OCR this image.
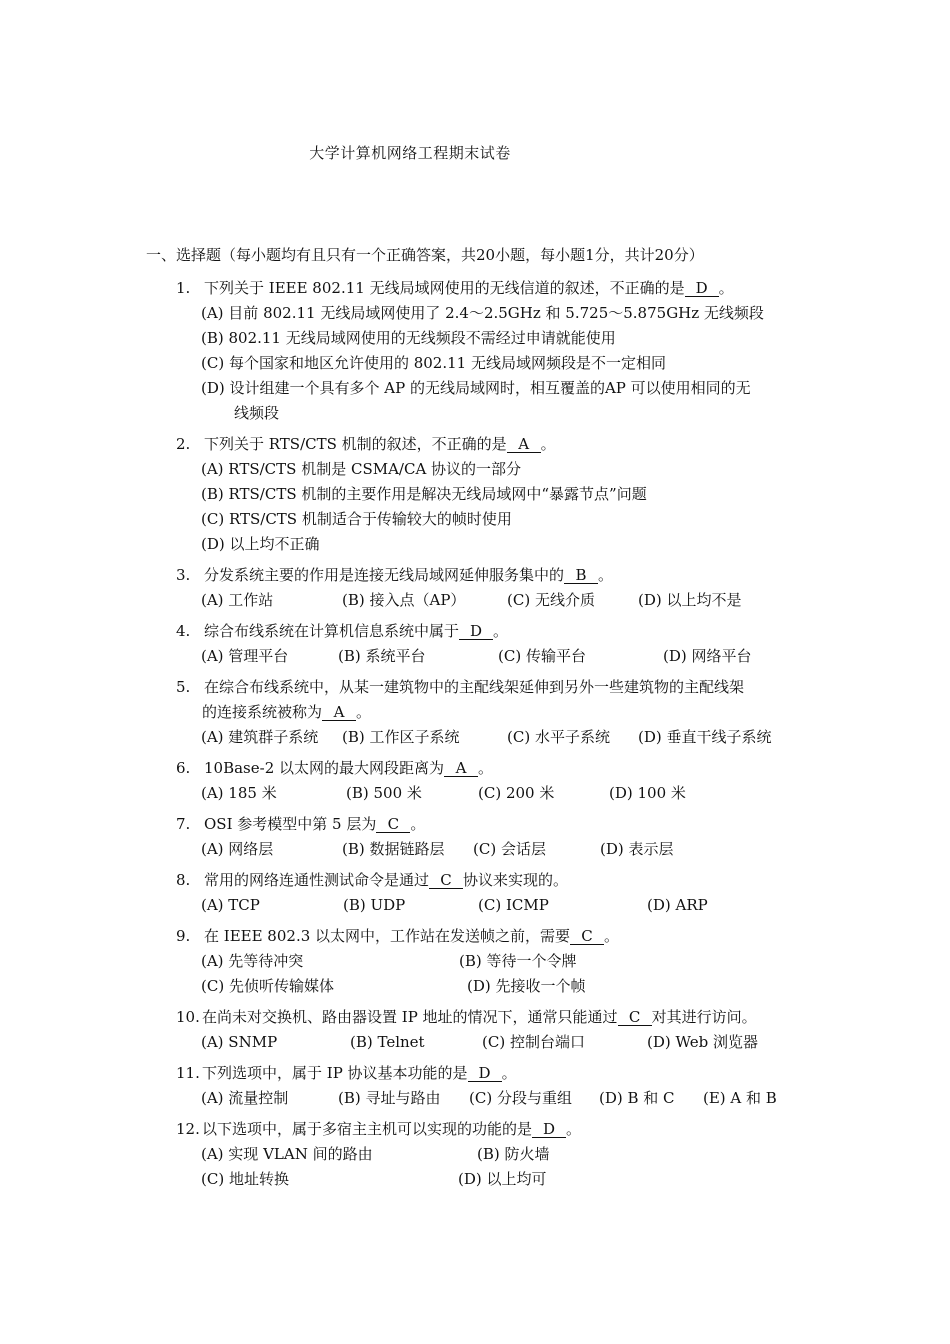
大学计算机网络工程期末试卷
一、选择题（每小题均有且只有一个正确答案，共20小题，每小题1分，共计20分）
1. 下列关于 IEEE 802.11 无线局域网使用的无线信道的叙述，不正确的是 D 。
(A) 目前 802.11 无线局域网使用了 2.4～2.5GHz 和 5.725～5.875GHz 无线频段
(B) 802.11 无线局域网使用的无线频段不需经过申请就能使用
(C) 每个国家和地区允许使用的 802.11 无线局域网频段是不一定相同
(D) 设计组建一个具有多个 AP 的无线局域网时，相互覆盖的AP 可以使用相同的无
线频段
2. 下列关于 RTS/CTS 机制的叙述，不正确的是 A 。
(A) RTS/CTS 机制是 CSMA/CA 协议的一部分
(B) RTS/CTS 机制的主要作用是解决无线局域网中“暴露节点”问题
(C) RTS/CTS 机制适合于传输较大的帧时使用
(D) 以上均不正确
3. 分发系统主要的作用是连接无线局域网延伸服务集中的 B 。
(A) 工作站	(B) 接入点（AP）	(C) 无线介质	(D) 以上均不是
4. 综合布线系统在计算机信息系统中属于 D 。
(A) 管理平台	(B) 系统平台	(C) 传输平台	(D) 网络平台
5. 在综合布线系统中，从某一建筑物中的主配线架延伸到另外一些建筑物的主配线架
的连接系统被称为 A 。
(A) 建筑群子系统	(B) 工作区子系统	(C) 水平子系统	(D) 垂直干线子系统
6. 10Base-2 以太网的最大网段距离为 A 。
(A) 185 米	(B) 500 米	(C) 200 米	(D) 100 米
7. OSI 参考模型中第 5 层为 C 。
(A) 网络层	(B) 数据链路层	(C) 会话层	(D) 表示层
8. 常用的网络连通性测试命令是通过 C 协议来实现的。
(A) TCP	(B) UDP	(C) ICMP	(D) ARP
9. 在 IEEE 802.3 以太网中，工作站在发送帧之前，需要 C 。
(A) 先等待冲突	(B) 等待一个令牌
(C) 先侦听传输媒体	(D) 先接收一个帧
10. 在尚未对交换机、路由器设置 IP 地址的情况下，通常只能通过 C 对其进行访问。
(A) SNMP	(B) Telnet	(C) 控制台端口	(D) Web 浏览器
11. 下列选项中，属于 IP 协议基本功能的是 D 。
(A) 流量控制	(B) 寻址与路由	(C) 分段与重组	(D) B 和 C	(E) A 和 B
12. 以下选项中，属于多宿主主机可以实现的功能的是 D 。
(A) 实现 VLAN 间的路由	(B) 防火墙
(C) 地址转换	(D) 以上均可
